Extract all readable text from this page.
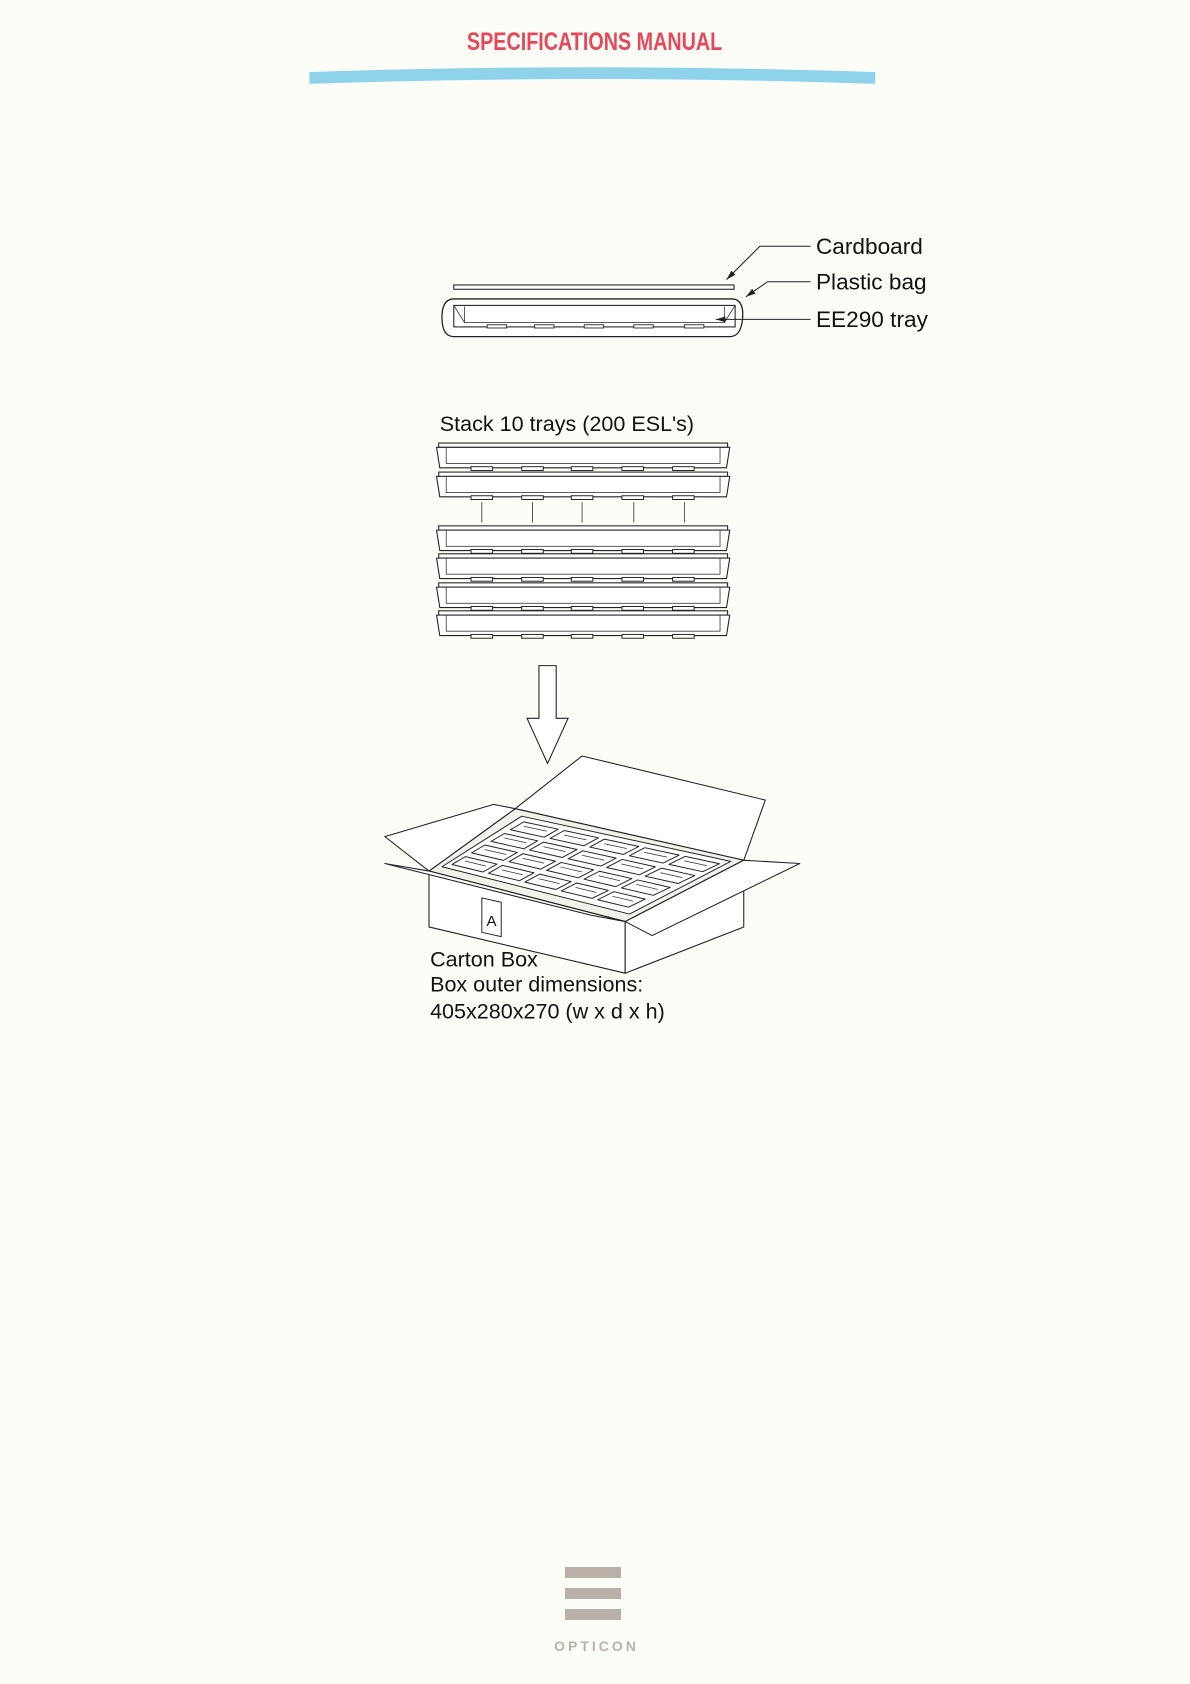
SPECIFICATIONS MANUAL
Cardboard
Plastic bag
EE290 tray
Stack 10 trays (200 ESL's)
A
Carton Box
Box outer dimensions:
405x280x270 (w x d x h)
OPTICON
